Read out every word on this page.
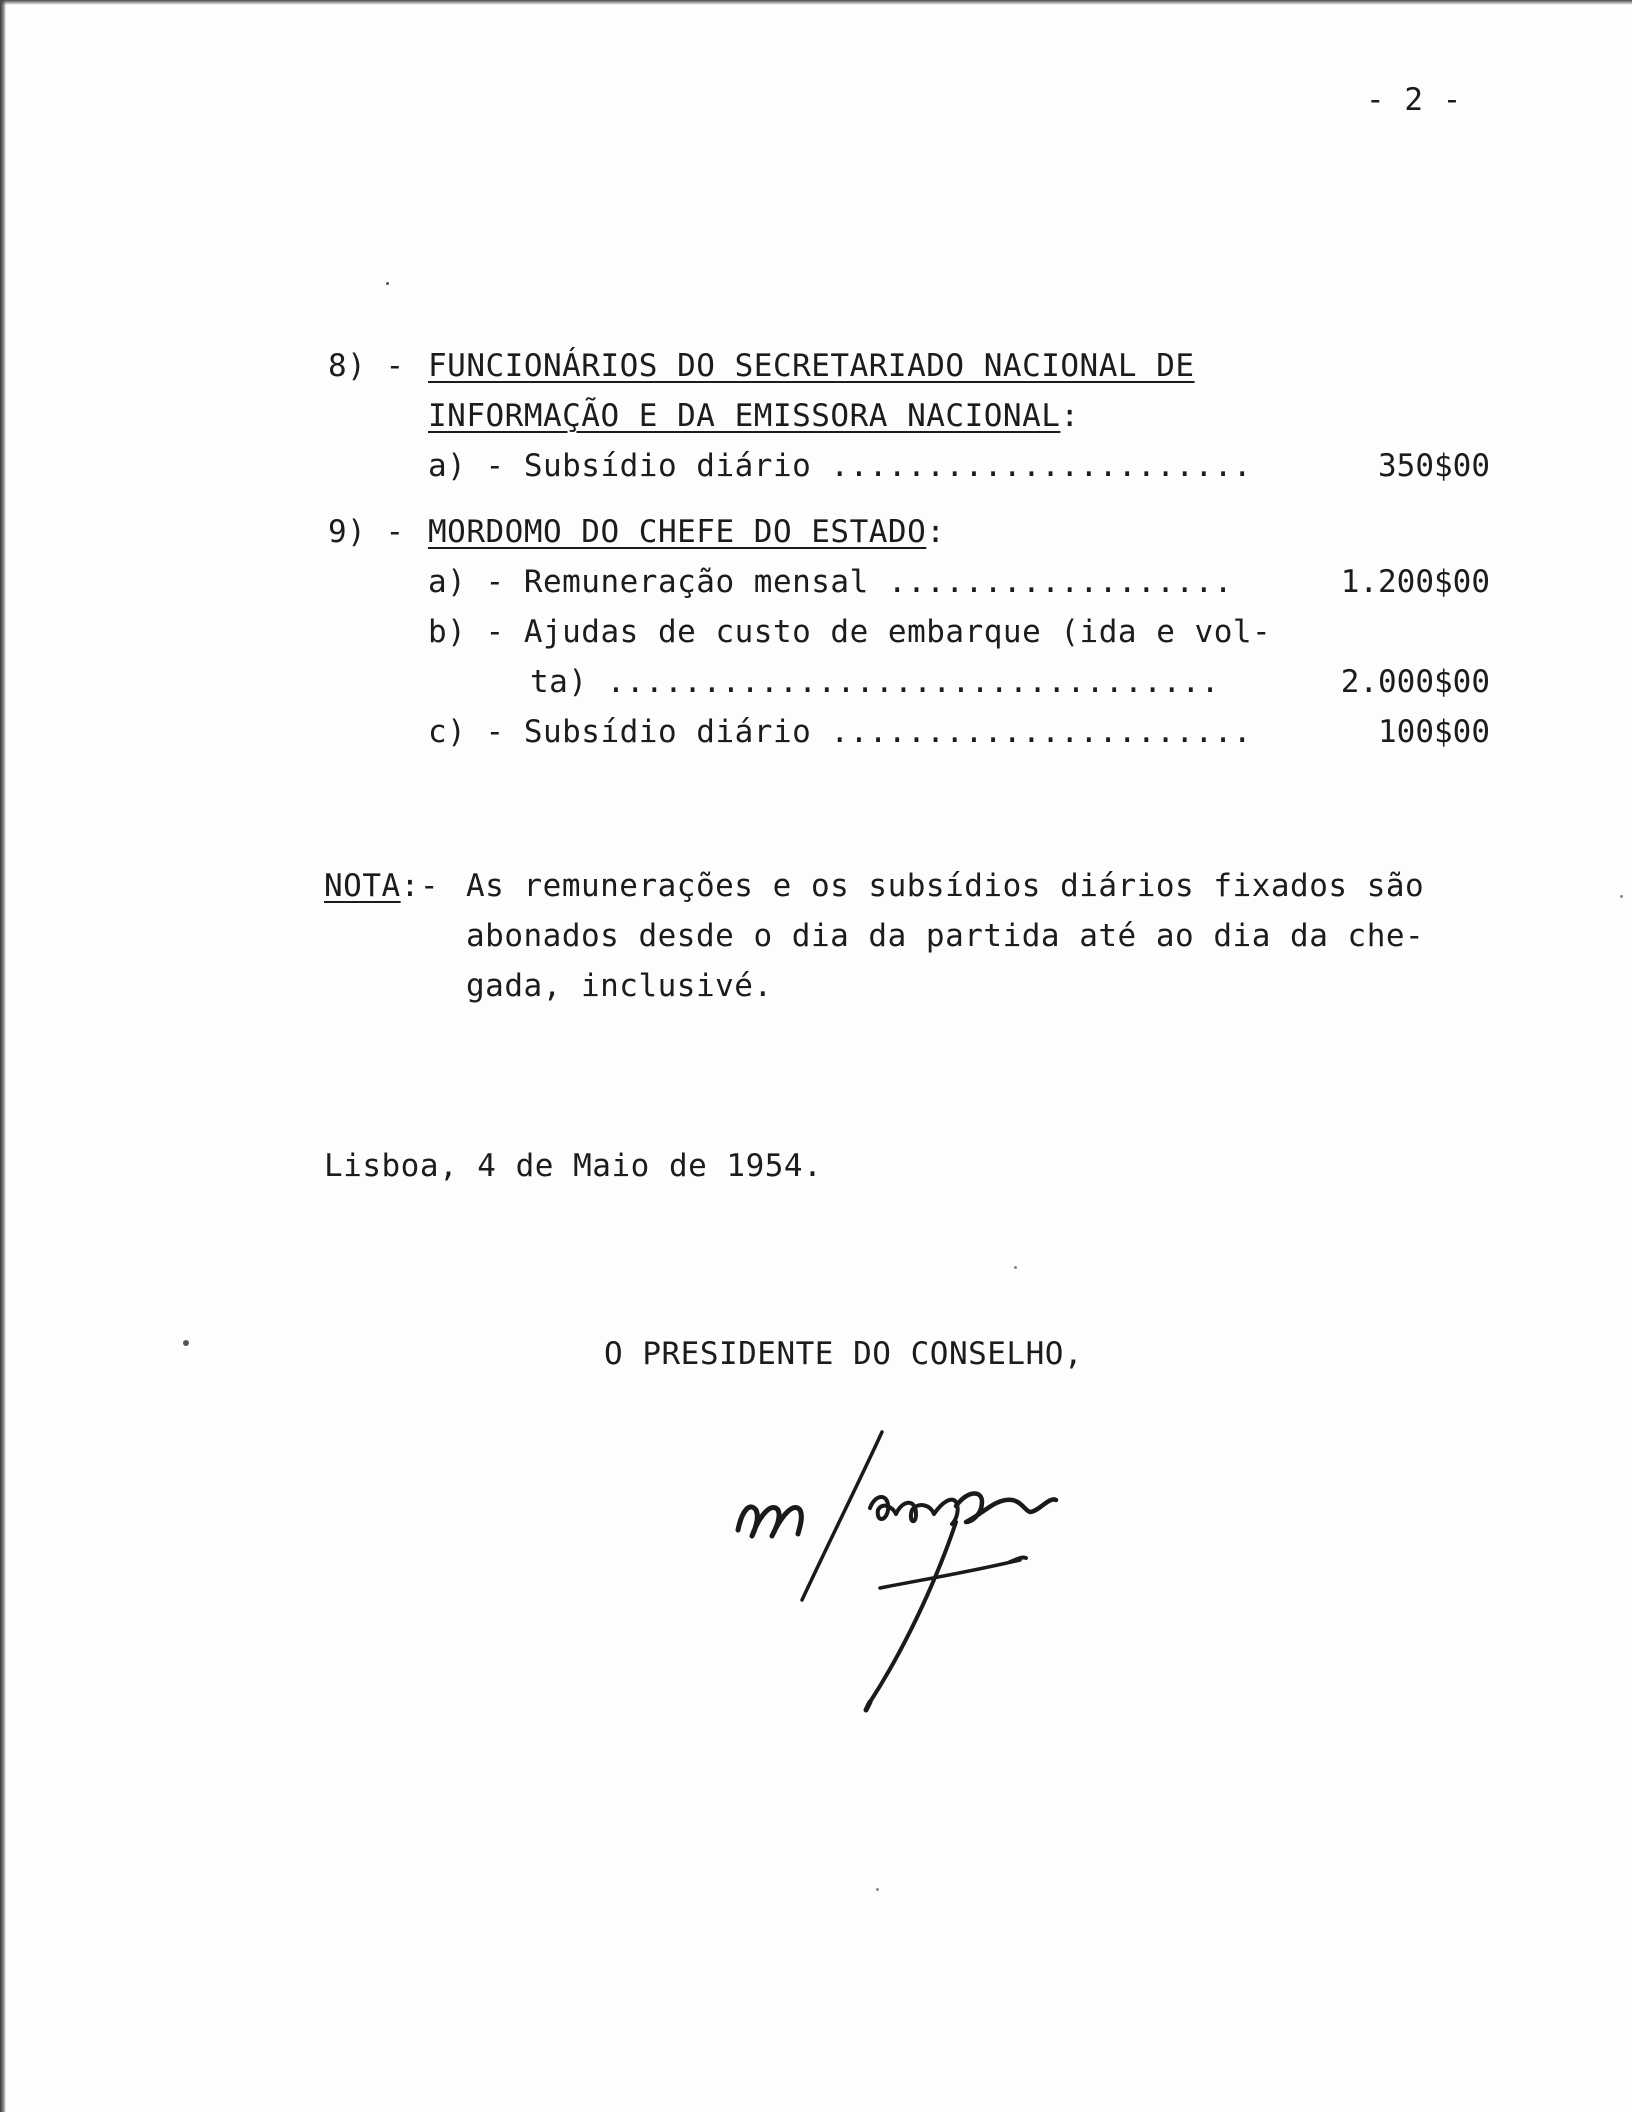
- 2 -
8) - FUNCIONÁRIOS DO SECRETARIADO NACIONAL DE
INFORMAÇÃO E DA EMISSORA NACIONAL:
a) - Subsídio diário ......................	350$00
9) - MORDOMO DO CHEFE DO ESTADO:
a) - Remuneração mensal ..................	1.200$00
b) - Ajudas de custo de embarque (ida e vol-
ta) ................................	2.000$00
c) - Subsídio diário ......................	100$00
NOTA:- As remunerações e os subsídios diários fixados são
abonados desde o dia da partida até ao dia da che-
gada, inclusivé.
Lisboa, 4 de Maio de 1954.
O PRESIDENTE DO CONSELHO,
